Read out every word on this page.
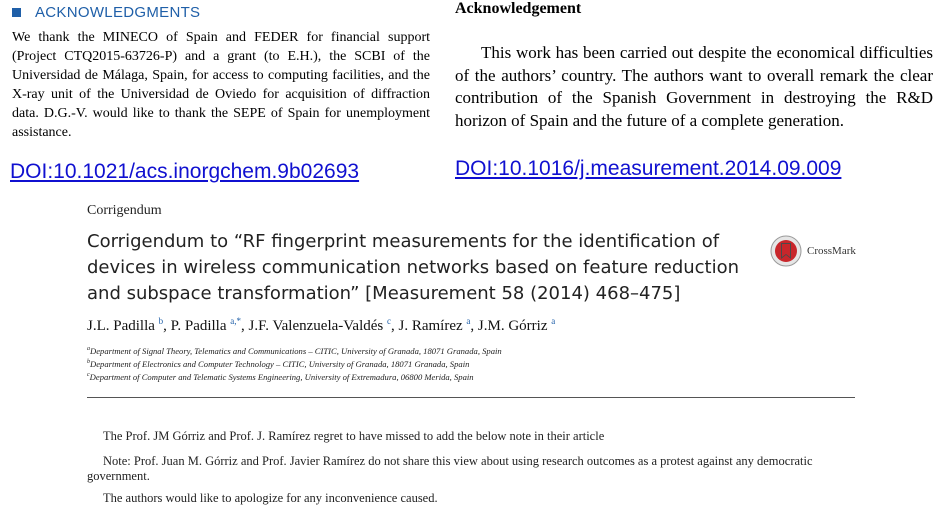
ACKNOWLEDGMENTS

We thank the MINECO of Spain and FEDER for financial support (Project CTQ2015-63726-P) and a grant (to E.H.), the SCBI of the Universidad de Málaga, Spain, for access to computing facilities, and the X-ray unit of the Universidad de Oviedo for acquisition of diffraction data. D.G.-V. would like to thank the SEPE of Spain for unemployment assistance.

Acknowledgement

This work has been carried out despite the economical difficulties of the authors’ country. The authors want to overall remark the clear contribution of the Spanish Government in destroying the R&D horizon of Spain and the future of a complete generation.

DOI:10.1021/acs.inorgchem.9b02693	DOI:10.1016/j.measurement.2014.09.009
Corrigendum
Corrigendum to “RF fingerprint measurements for the identification of devices in wireless communication networks based on feature reduction and subspace transformation” [Measurement 58 (2014) 468–475]
CrossMark
J.L. Padilla $^b$, P. Padilla $^{a,*}$, J.F. Valenzuela-Valdés $^c$, J. Ramírez $^a$, J.M. Górriz $^a$
$^a$Department of Signal Theory, Telematics and Communications – CITIC, University of Granada, 18071 Granada, Spain
$^b$Department of Electronics and Computer Technology – CITIC, University of Granada, 18071 Granada, Spain
$^c$Department of Computer and Telematic Systems Engineering, University of Extremadura, 06800 Merida, Spain
The Prof. JM Górriz and Prof. J. Ramírez regret to have missed to add the below note in their article
Note: Prof. Juan M. Górriz and Prof. Javier Ramírez do not share this view about using research outcomes as a protest against any democratic government.
The authors would like to apologize for any inconvenience caused.
